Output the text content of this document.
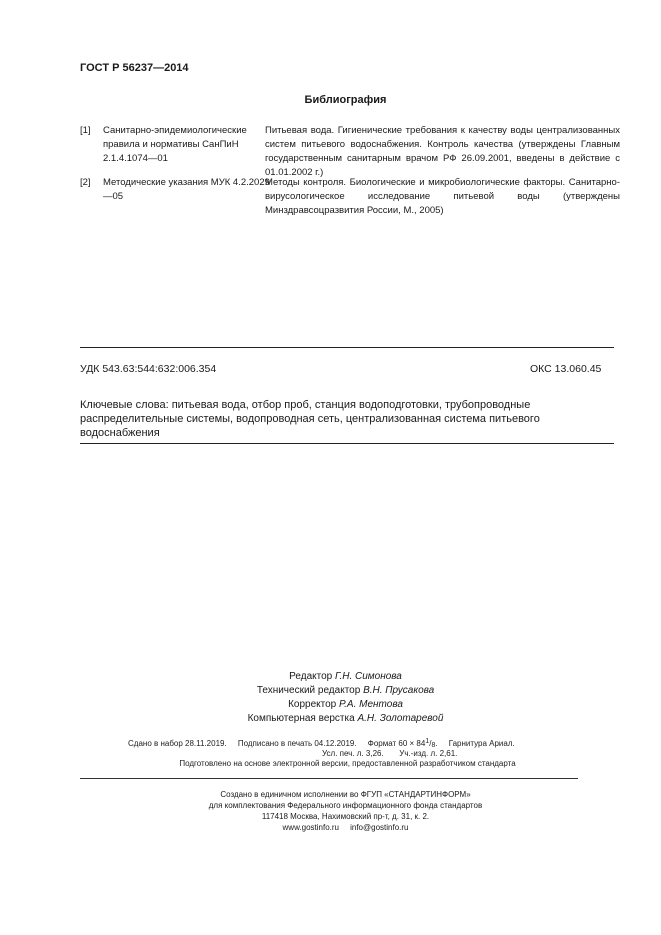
ГОСТ Р 56237—2014
Библиография
[1] Санитарно-эпидемиологические правила и нормативы СанПиН 2.1.4.1074—01
Питьевая вода. Гигиенические требования к качеству воды централизованных систем питьевого водоснабжения. Контроль качества (утверждены Главным государственным санитарным врачом РФ 26.09.2001, введены в действие с 01.01.2002 г.)
[2] Методические указания МУК 4.2.2029—05
Методы контроля. Биологические и микробиологические факторы. Санитарно-вирусологическое исследование питьевой воды (утверждены Минздравсоцразвития России, М., 2005)
УДК 543.63:544:632:006.354	ОКС 13.060.45
Ключевые слова: питьевая вода, отбор проб, станция водоподготовки, трубопроводные распределительные системы, водопроводная сеть, централизованная система питьевого водоснабжения
Редактор Г.Н. Симонова
Технический редактор В.Н. Прусакова
Корректор Р.А. Ментова
Компьютерная верстка А.Н. Золотаревой
Сдано в набор 28.11.2019. Подписано в печать 04.12.2019. Формат $60 \times 84^1/_8$.     Гарнитура Ариал.
Усл. печ. л. 3,26. Уч.-изд. л. 2,61.
Подготовлено на основе электронной версии, предоставленной разработчиком стандарта
Создано в единичном исполнении во ФГУП «СТАНДАРТИНФОРМ»
для комплектования Федерального информационного фонда стандартов
117418 Москва, Нахимовский пр-т, д. 31, к. 2.
www.gostinfo.ru info@gostinfo.ru
